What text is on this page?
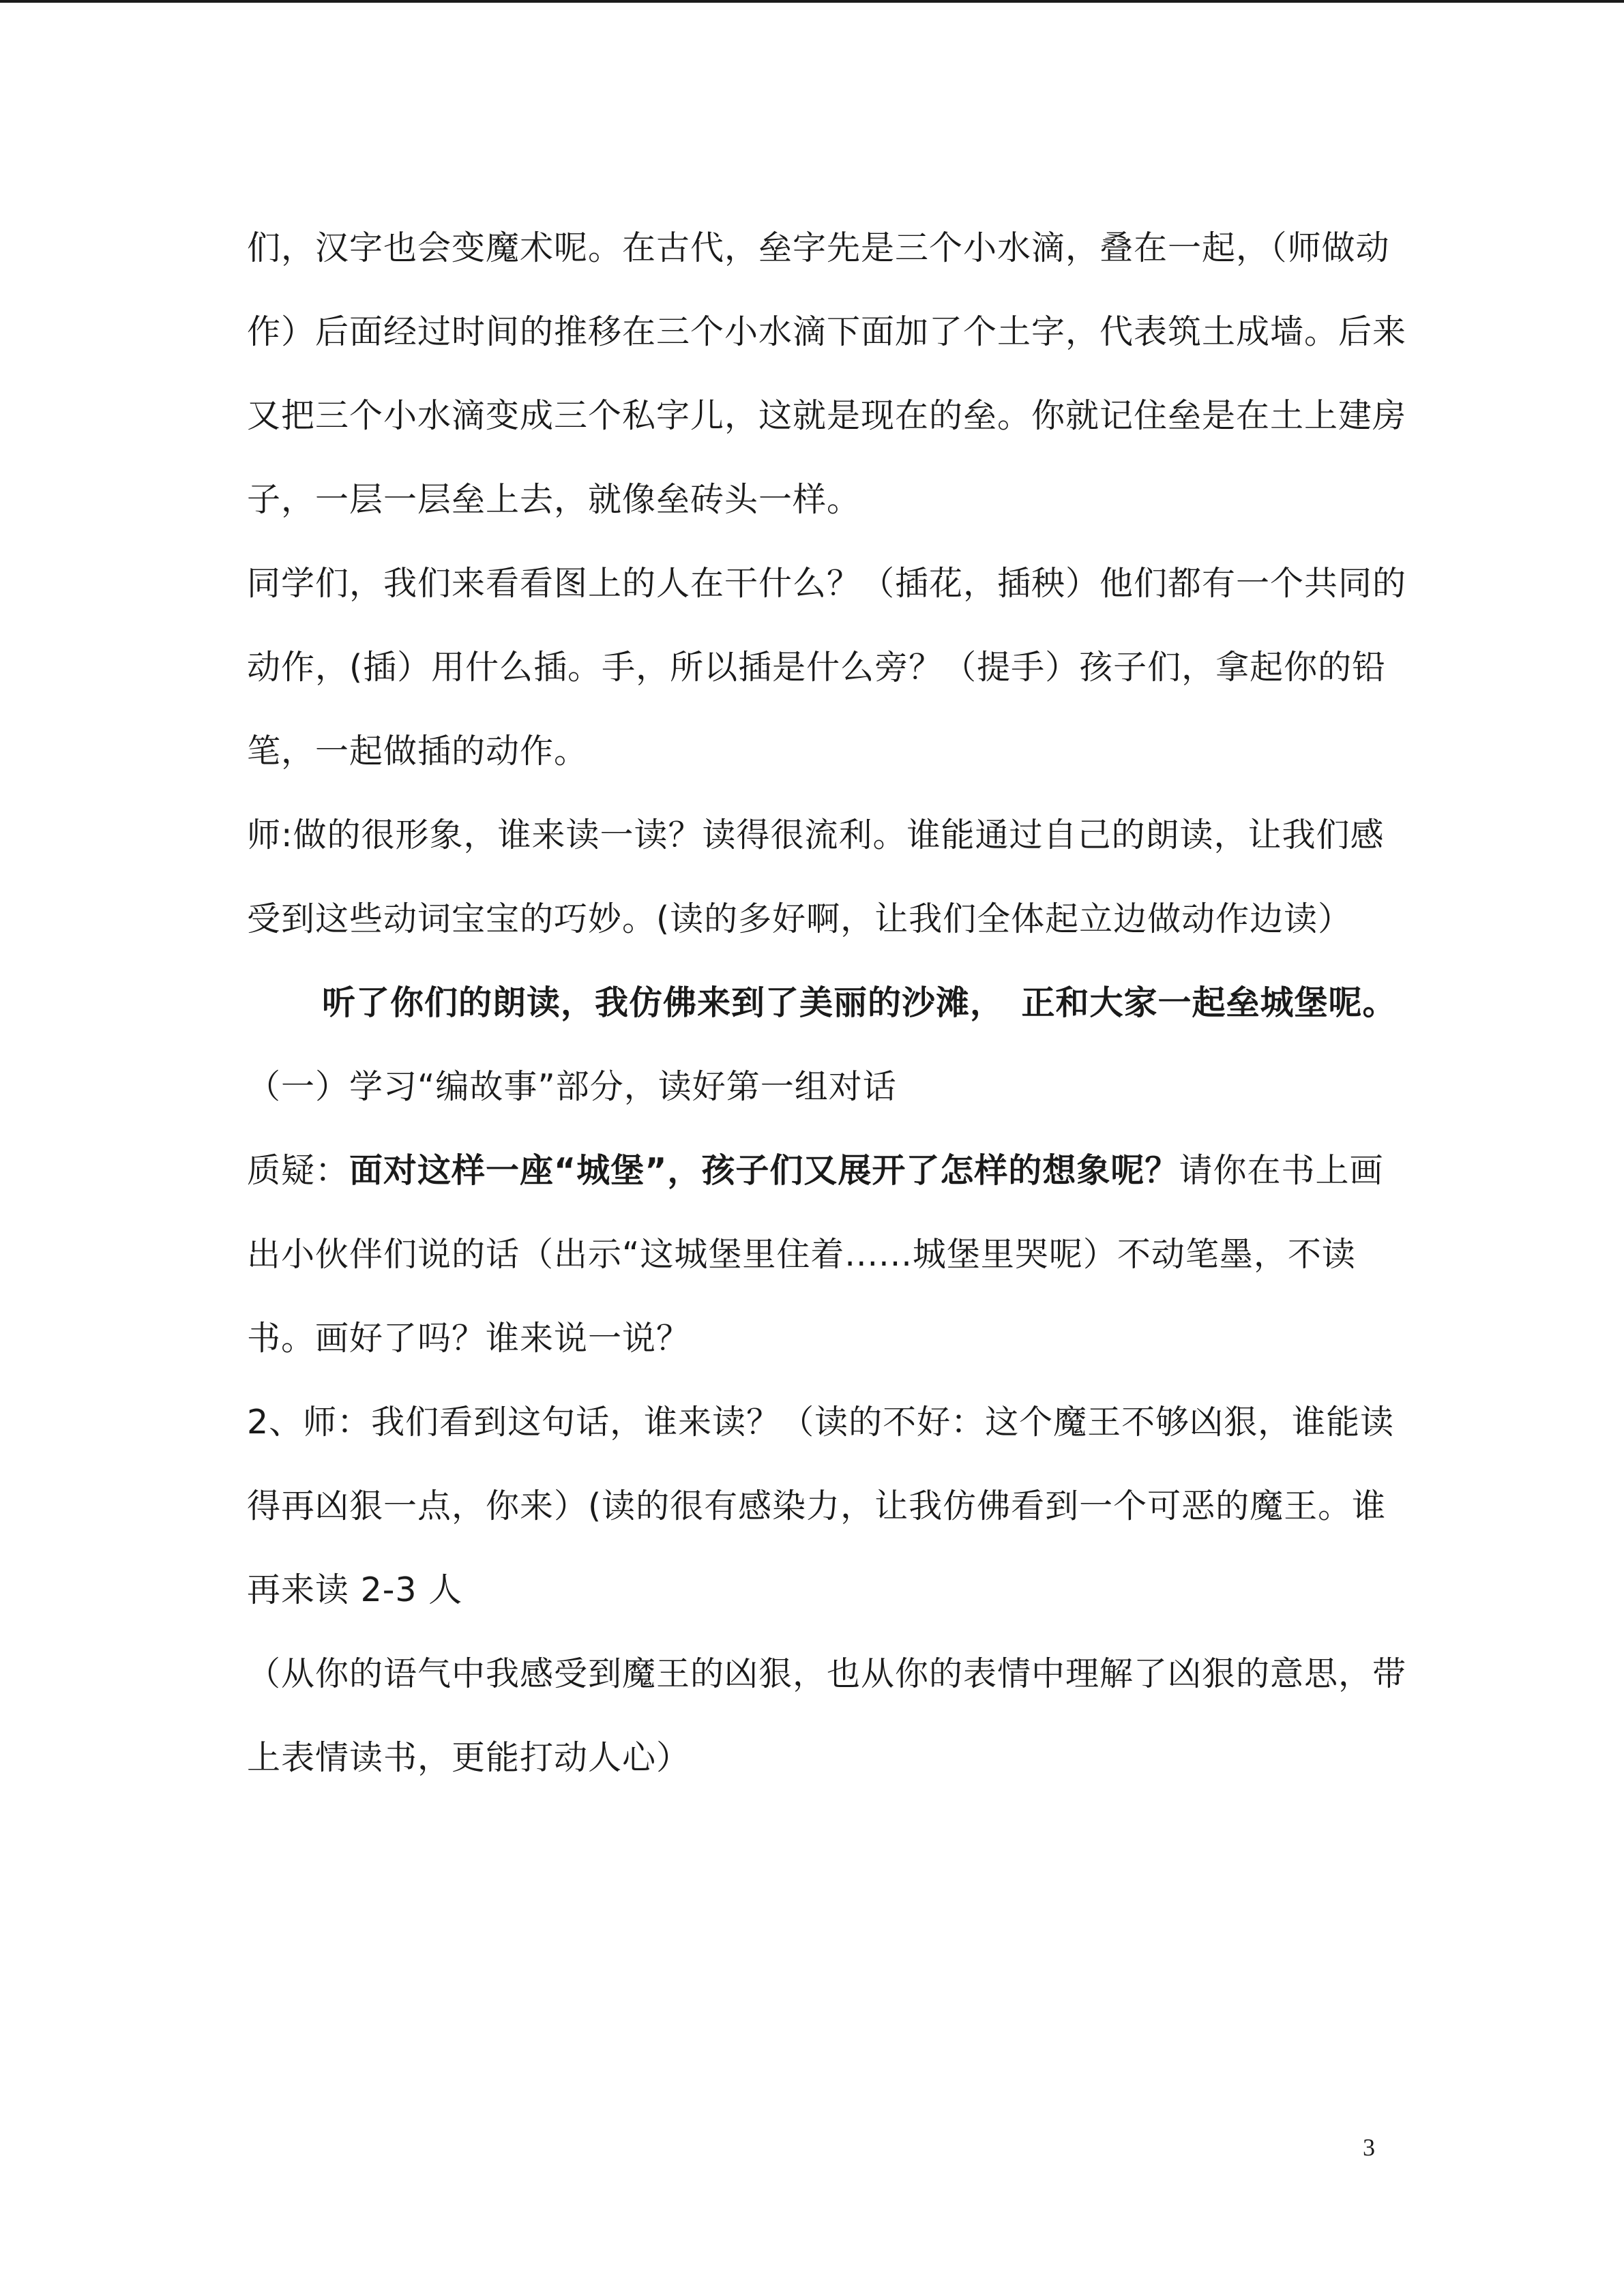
们，汉字也会变魔术呢。在古代，垒字先是三个小水滴，叠在一起，（师做动作）后面经过时间的推移在三个小水滴下面加了个土字，代表筑土成墙。后来又把三个小水滴变成三个私字儿，这就是现在的垒。你就记住垒是在土上建房子，一层一层垒上去，就像垒砖头一样。

同学们，我们来看看图上的人在干什么？（插花，插秧）他们都有一个共同的动作，(插）用什么插。手，所以插是什么旁？（提手）孩子们，拿起你的铅笔，一起做插的动作。

师:做的很形象，谁来读一读？读得很流利。谁能通过自己的朗读，让我们感受到这些动词宝宝的巧妙。(读的多好啊，让我们全体起立边做动作边读）

听了你们的朗读，我仿佛来到了美丽的沙滩，　正和大家一起垒城堡呢。

（一）学习“编故事”部分，读好第一组对话

质疑：面对这样一座“城堡”，孩子们又展开了怎样的想象呢？请你在书上画出小伙伴们说的话（出示“这城堡里住着......城堡里哭呢）不动笔墨，不读书。画好了吗？谁来说一说？

2、师：我们看到这句话，谁来读？（读的不好：这个魔王不够凶狠，谁能读得再凶狠一点，你来）(读的很有感染力，让我仿佛看到一个可恶的魔王。谁再来读 2-3 人

（从你的语气中我感受到魔王的凶狠，也从你的表情中理解了凶狠的意思，带上表情读书，更能打动人心）

3
